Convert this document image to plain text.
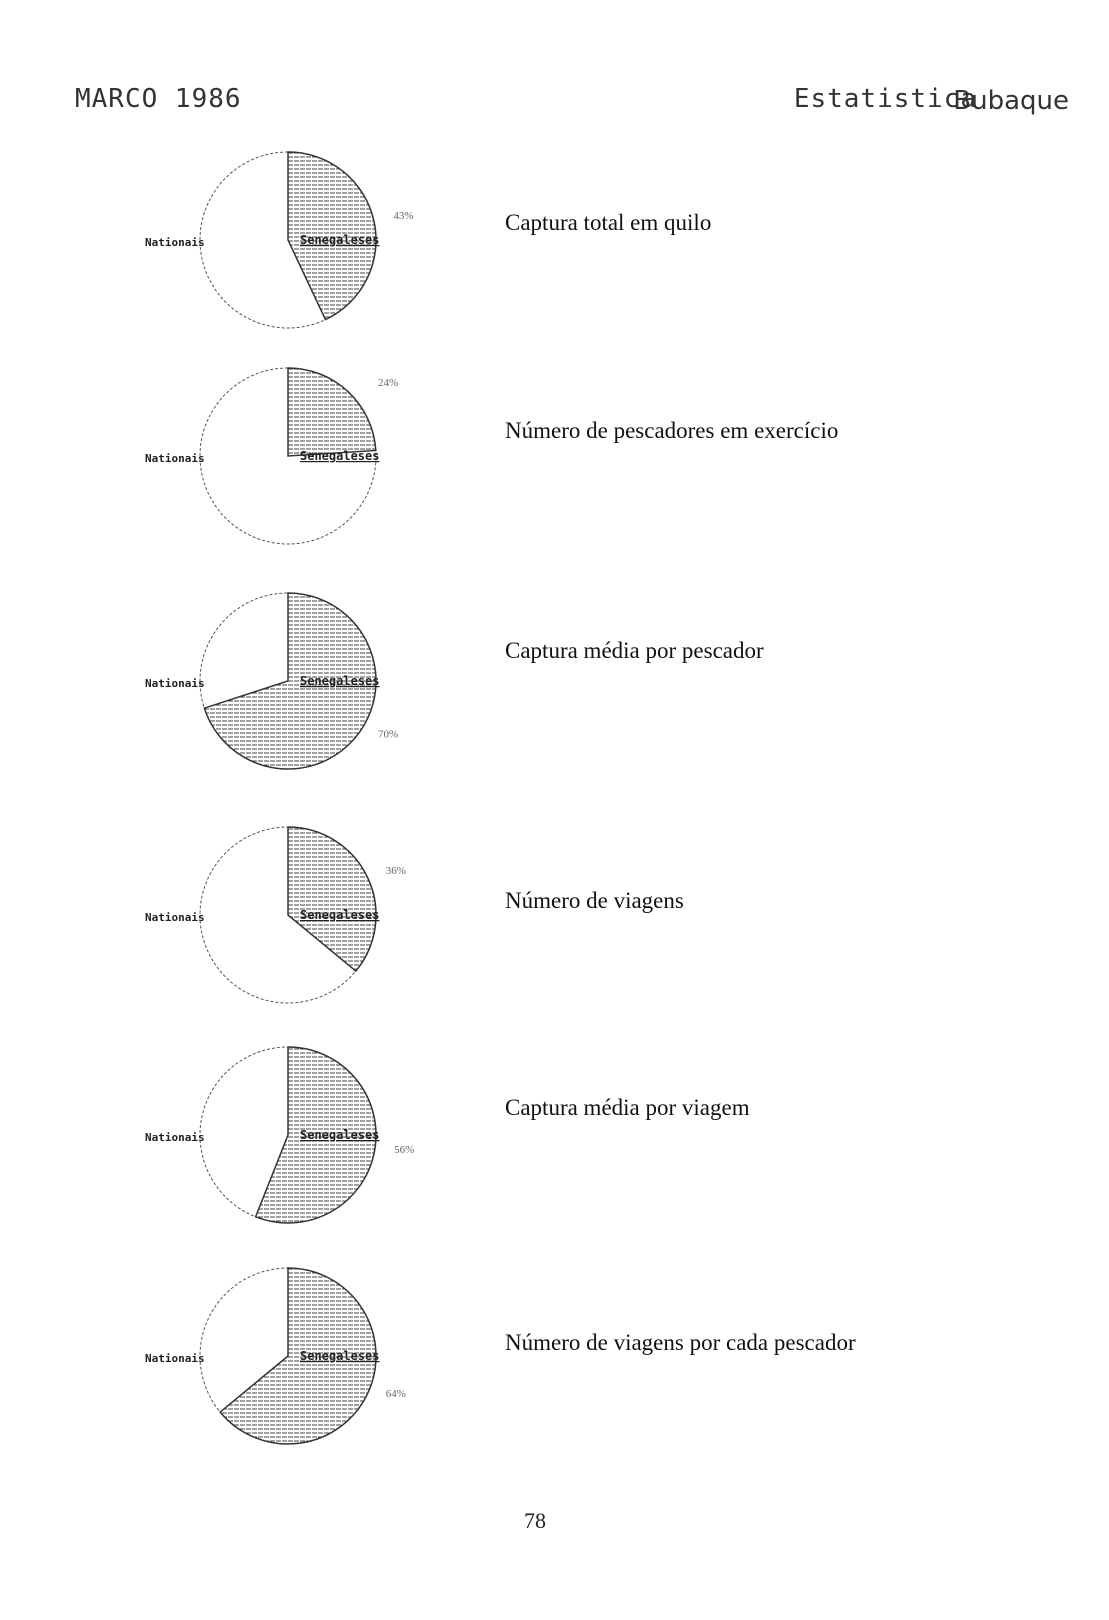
MARCO 1986	Estatistica
Bubaque
Nationais	Senegaleses
43%
Nationais	Senegaleses
24%
Nationais	Senegaleses
70%
Nationais	Senegaleses
36%
Nationais	Senegaleses
56%
Nationais	Senegaleses
64%
Captura total em quilo
Número de pescadores em exercício
Captura média por pescador
Número de viagens
Captura média por viagem
Número de viagens por cada pescador
78
